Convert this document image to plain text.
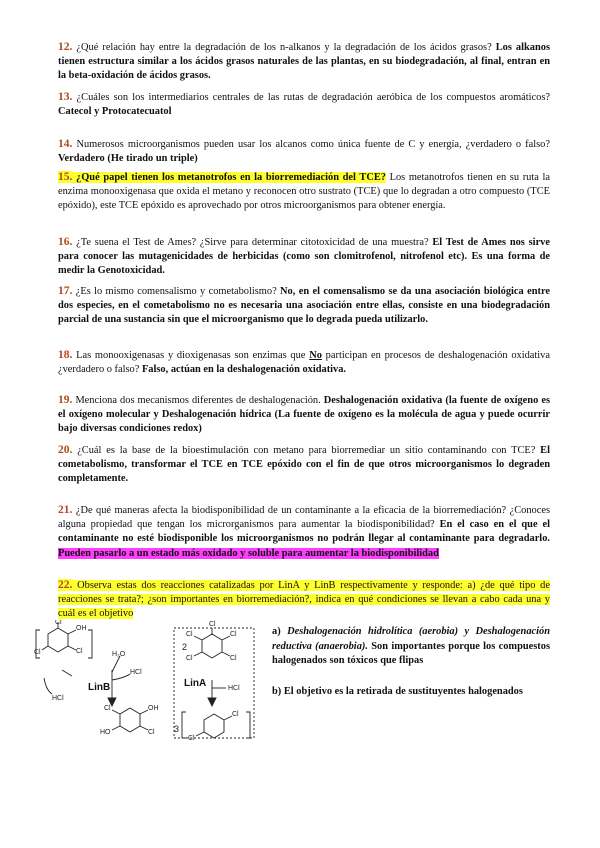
12. ¿Qué relación hay entre la degradación de los n-alkanos y la degradación de los ácidos grasos? Los alkanos tienen estructura similar a los ácidos grasos naturales de las plantas, en su biodegradación, al final, entran en la beta-oxidación de ácidos grasos.
13. ¿Cuáles son los intermediarios centrales de las rutas de degradación aeróbica de los compuestos aromáticos? Catecol y Protocatecuatol
14. Numerosos microorganismos pueden usar los alcanos como única fuente de C y energía, ¿verdadero o falso? Verdadero (He tirado un triple)
15. ¿Qué papel tienen los metanotrofos en la biorremediación del TCE? Los metanotrofos tienen en su ruta la enzima monooxigenasa que oxida el metano y reconocen otro sustrato (TCE) que lo degradan a otro compuesto (TCE epóxido), este TCE epóxido es aprovechado por otros microorganismos para obtener energía.
16. ¿Te suena el Test de Ames? ¿Sirve para determinar citotoxicidad de una muestra? El Test de Ames nos sirve para conocer las mutagenicidades de herbicidas (como son clomitrofenol, nitrofenol etc). Es una forma de medir la Genotoxicidad.
17. ¿Es lo mismo comensalismo y cometabolismo? No, en el comensalismo se da una asociación biológica entre dos especies, en el cometabolismo no es necesaria una asociación entre ellas, consiste en una biodegradación parcial de una sustancia sin que el microorganismo que lo degrada pueda utilizarlo.
18. Las monooxigenasas y dioxigenasas son enzimas que No participan en procesos de deshalogenación oxidativa ¿verdadero o falso? Falso, actúan en la deshalogenación oxidativa.
19. Menciona dos mecanismos diferentes de deshalogenación. Deshalogenación oxidativa (la fuente de oxígeno es el oxígeno molecular y Deshalogenación hídrica (La fuente de oxígeno es la molécula de agua y puede ocurrir bajo diversas condiciones redox)
20. ¿Cuál es la base de la bioestimulación con metano para biorremediar un sitio contaminando con TCE? El cometabolismo, transformar el TCE en TCE epóxido con el fin de que otros microorganismos lo degraden completamente.
21. ¿De qué maneras afecta la biodisponibilidad de un contaminante a la eficacia de la biorremediación? ¿Conoces alguna propiedad que tengan los microrganismos para aumentar la biodisponibilidad? En el caso en el que el contaminante no esté biodisponible los microorganismos no podrán llegar al contaminante para degradarlo. Pueden pasarlo a un estado más oxidado y soluble para aumentar la biodisponibilidad
22. Observa estas dos reacciones catalizadas por LinA y LinB respectivamente y responde: a) ¿de qué tipo de reacciones se trata?; ¿son importantes en biorremediación?, indica en qué condiciones se llevan a cabo cada una y cuál es el objetivo
a) Deshalogenación hidrolítica (aerobia) y Deshalogenación reductiva (anaerobia). Son importantes porque los compuestos halogenados son tóxicos que flipas
b) El objetivo es la retirada de sustituyentes halogenados
Cl
OH
Cl
Cl	H₂O
HCl
HCl
OH
Cl
Cl
HO
2
Cl
Cl
Cl
Cl
Cl
HCl
3
Cl
Cl
LinB	LinA
